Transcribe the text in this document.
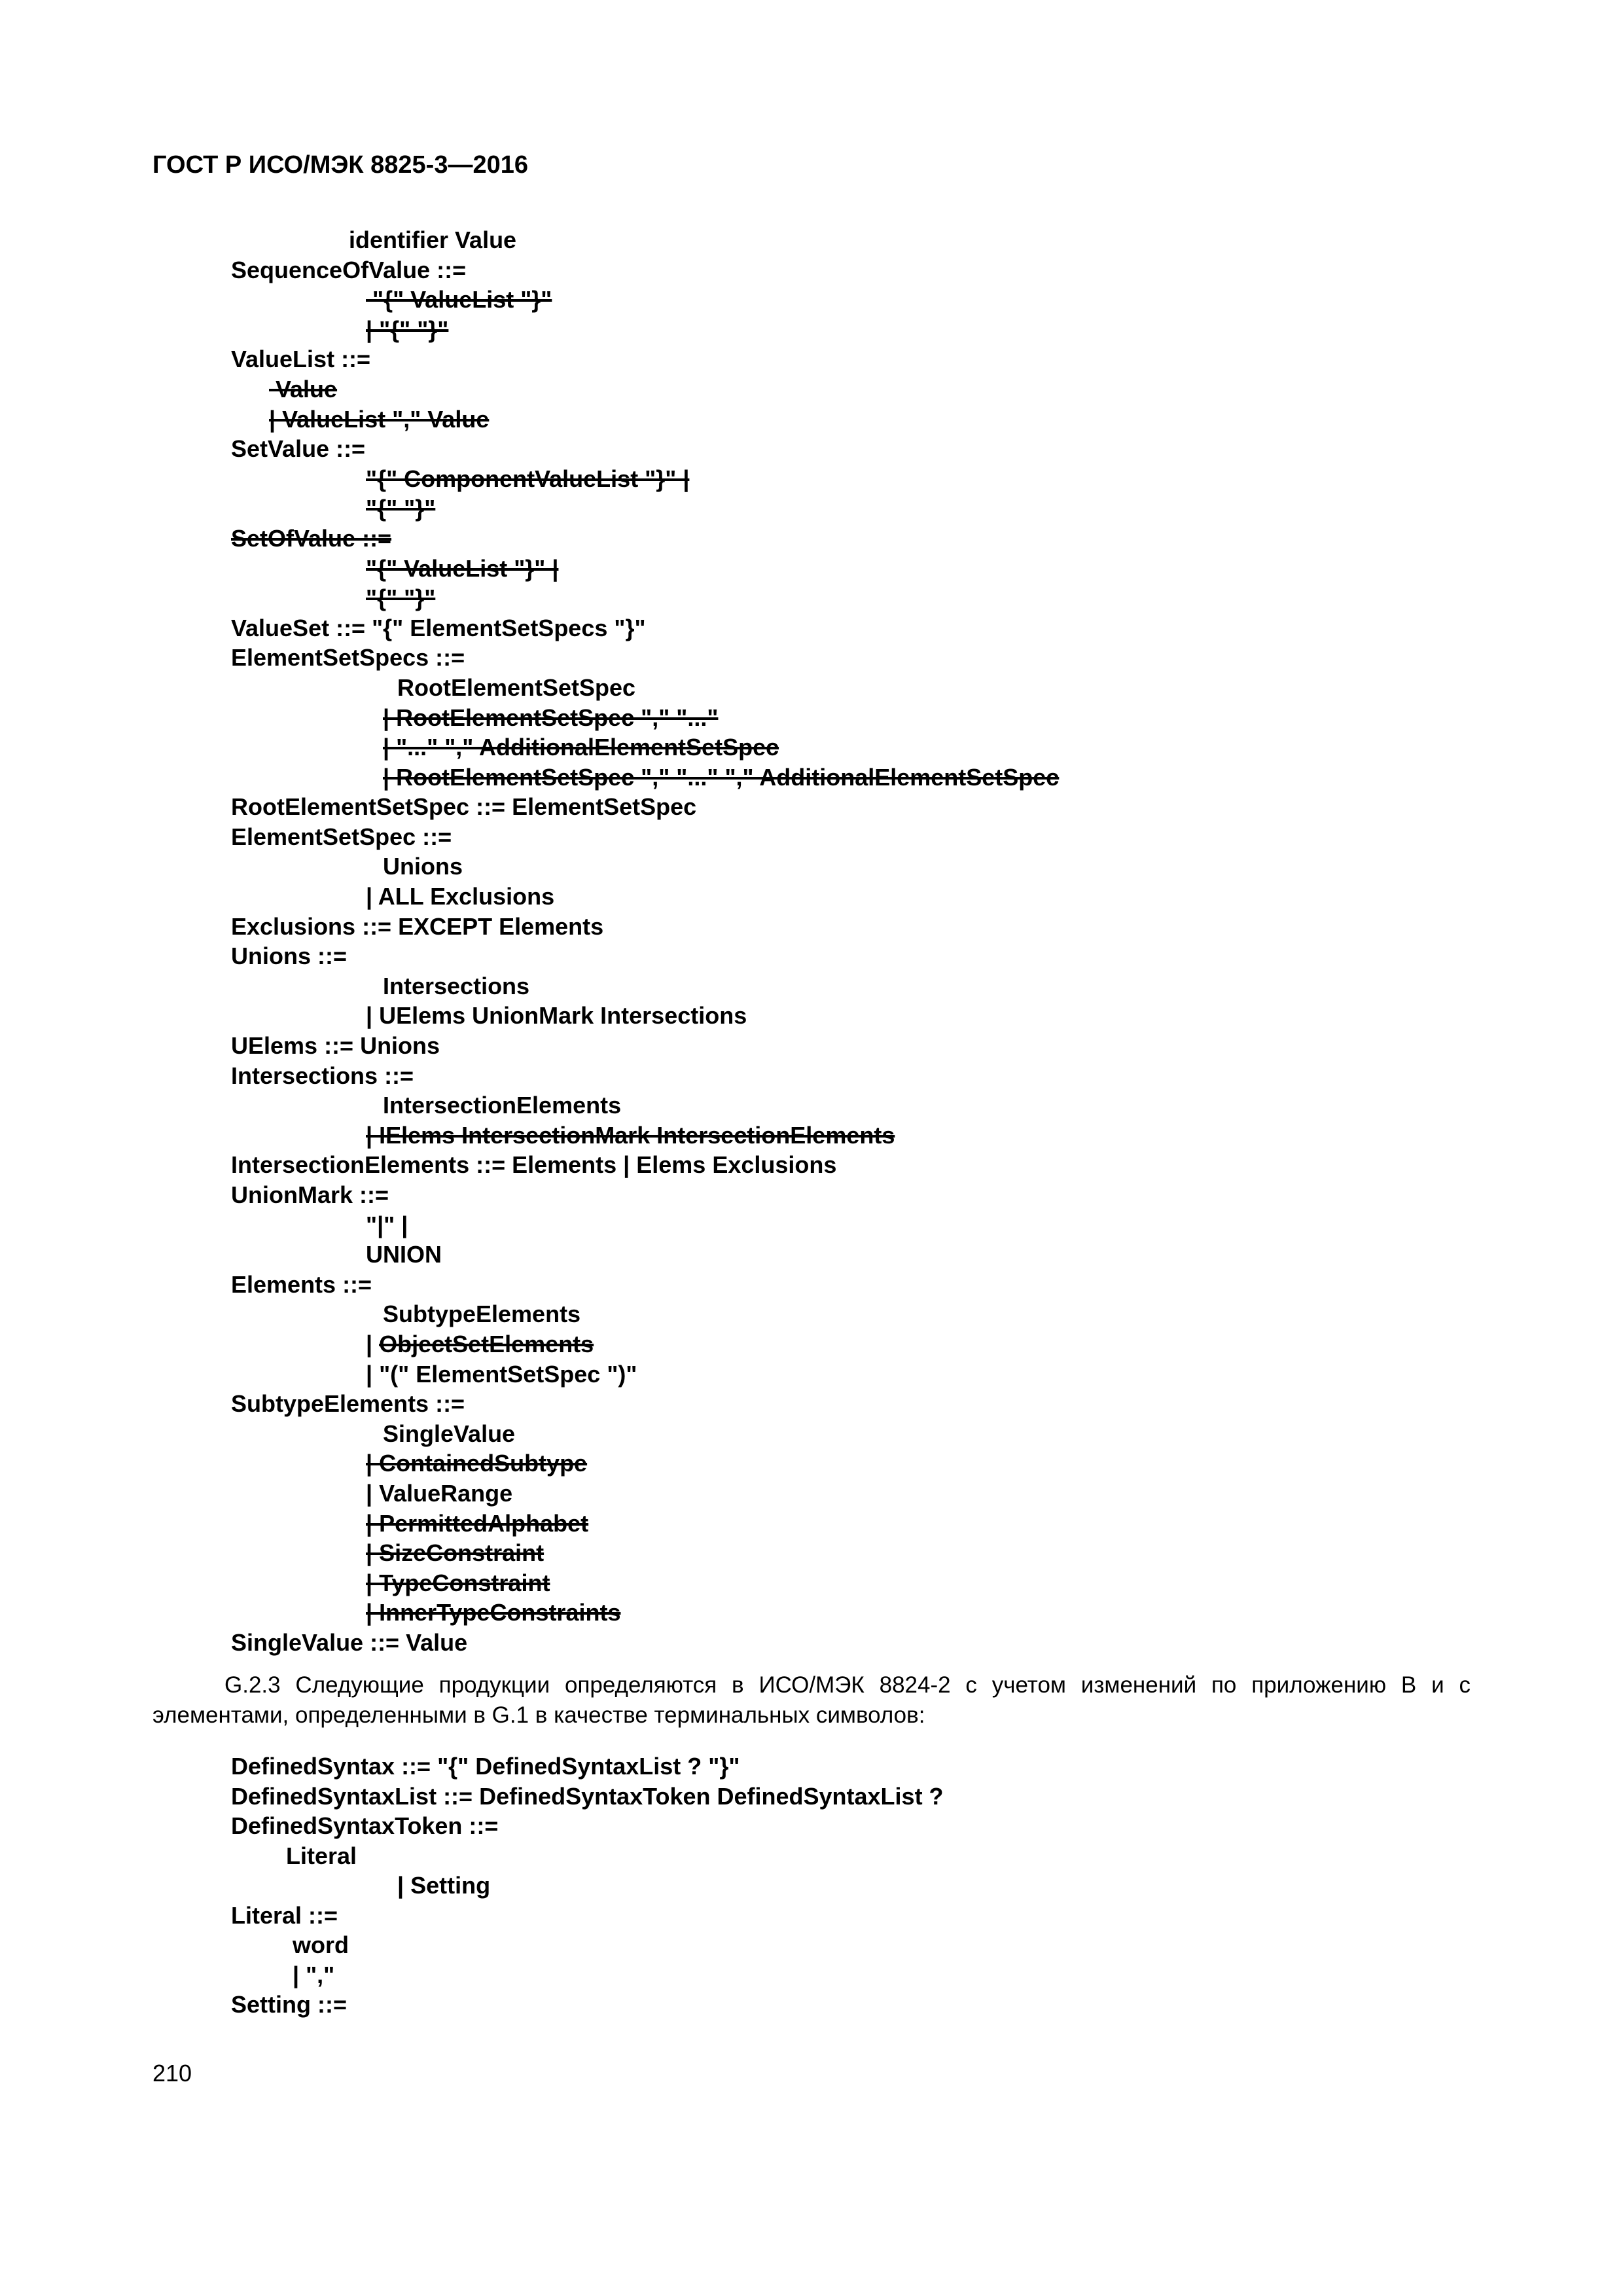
ГОСТ Р ИСО/МЭК 8825-3—2016
identifier Value
SequenceOfValue ::=
"{" ValueList "}"
| "{" "}"
ValueList ::=
Value
| ValueList "," Value
SetValue ::=
"{" ComponentValueList "}" |
"{" "}"
SetOfValue ::=
"{" ValueList "}" |
"{" "}"
ValueSet ::= "{" ElementSetSpecs "}"
ElementSetSpecs ::=
RootElementSetSpec
| RootElementSetSpec "," "..."
| "..." "," AdditionalElementSetSpec
| RootElementSetSpec "," "..." "," AdditionalElementSetSpec
RootElementSetSpec ::= ElementSetSpec
ElementSetSpec ::=
Unions
| ALL Exclusions
Exclusions ::= EXCEPT Elements
Unions ::=
Intersections
| UElems UnionMark Intersections
UElems ::= Unions
Intersections ::=
IntersectionElements
| IElems IntersectionMark IntersectionElements
IntersectionElements ::= Elements | Elems Exclusions
UnionMark ::=
"|" |
UNION
Elements ::=
SubtypeElements
| ObjectSetElements
| "(" ElementSetSpec ")"
SubtypeElements ::=
SingleValue
| ContainedSubtype
| ValueRange
| PermittedAlphabet
| SizeConstraint
| TypeConstraint
| InnerTypeConstraints
SingleValue ::= Value
G.2.3 Следующие продукции определяются в ИСО/МЭК 8824-2 с учетом изменений по приложению B и с элементами, определенными в G.1 в качестве терминальных символов:
DefinedSyntax ::= "{" DefinedSyntaxList ? "}"
DefinedSyntaxList ::= DefinedSyntaxToken DefinedSyntaxList ?
DefinedSyntaxToken ::=
Literal
| Setting
Literal ::=
word
| ","
Setting ::=
210
